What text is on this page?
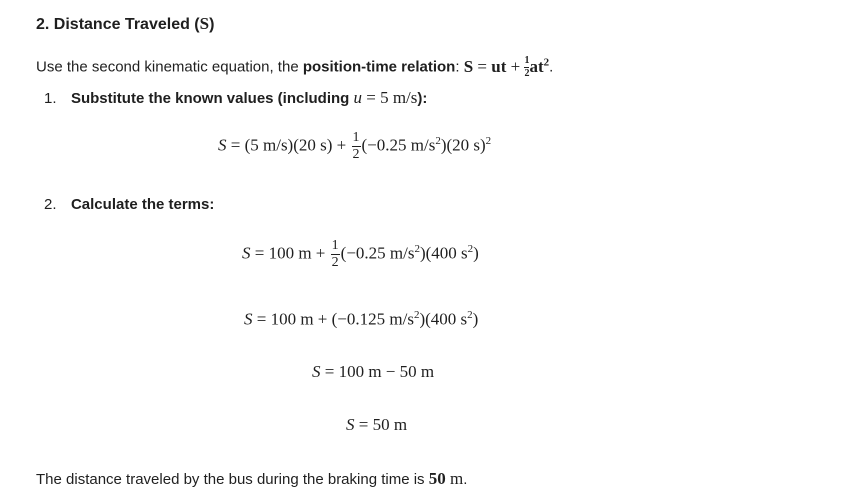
2. Distance Traveled (S)
Use the second kinematic equation, the position-time relation: S = ut + $\frac{1}{2}at^2$.
1. Substitute the known values (including u = 5 m/s):
S = (5 m/s)(20 $s) + \frac{1}{2} (-0.25$ $m/s^2)(20$ s)$^2$
2. Calculate the terms:
S = 100 $m + \frac{1}{2} (-0.25$ $m/s^2)(400$ $s^2$)
S = 100 m + (−0.125 $m/s^2)(400$ $s^2$)
S = 100 m − 50 m
S = 50 m
The distance traveled by the bus during the braking time is 50 m.
